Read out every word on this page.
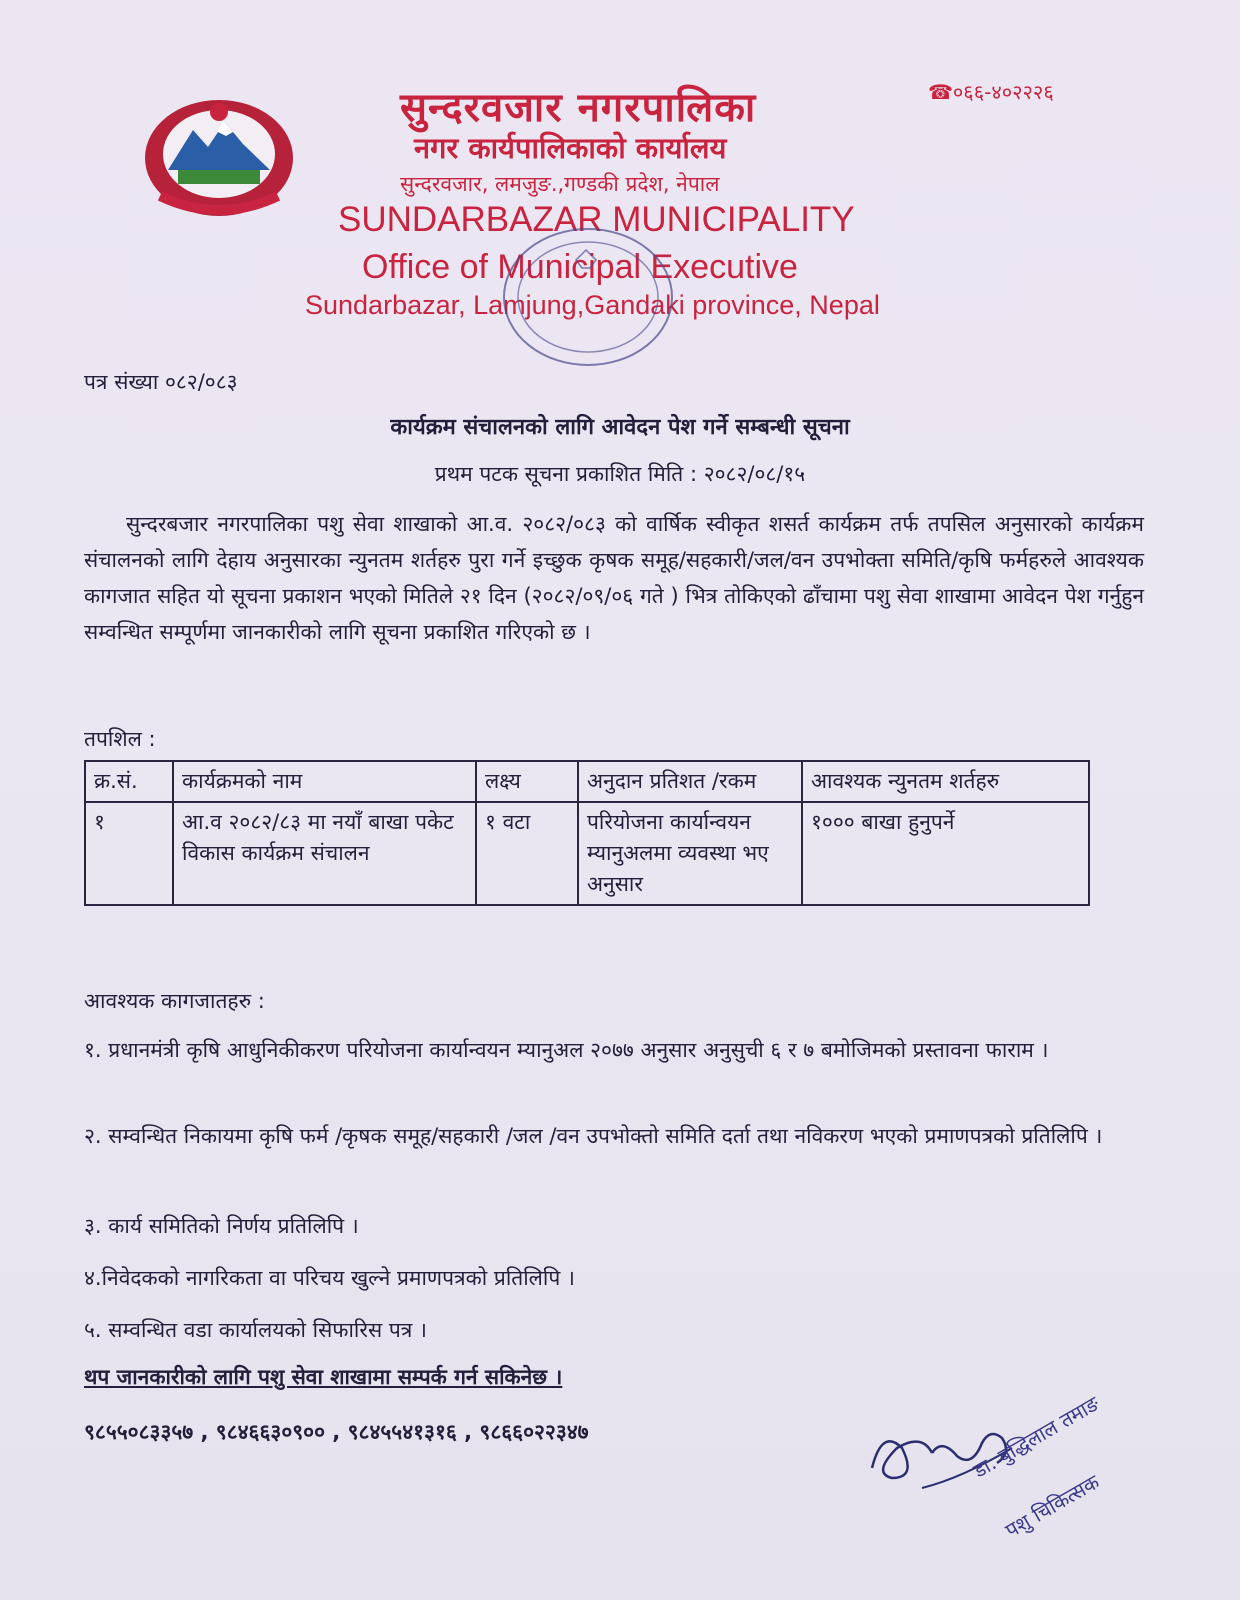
सुन्दरवजार नगरपालिका
नगर कार्यपालिकाको कार्यालय
सुन्दरवजार, लमजुङ.,गण्डकी प्रदेश, नेपाल
SUNDARBAZAR MUNICIPALITY
Office of Municipal Executive
Sundarbazar, Lamjung,Gandaki province, Nepal
☎०६६-४०२२२६
पत्र संख्या ०८२/०८३
कार्यक्रम संचालनको लागि आवेदन पेश गर्ने सम्बन्धी सूचना
प्रथम पटक सूचना प्रकाशित मिति : २०८२/०८/१५
सुन्दरबजार नगरपालिका पशु सेवा शाखाको आ.व. २०८२/०८३ को वार्षिक स्वीकृत शसर्त कार्यक्रम तर्फ तपसिल अनुसारको कार्यक्रम संचालनको लागि देहाय अनुसारका न्युनतम शर्तहरु पुरा गर्ने इच्छुक कृषक समूह/सहकारी/जल/वन उपभोक्ता समिति/कृषि फर्महरुले आवश्यक कागजात सहित यो सूचना प्रकाशन भएको मितिले २१ दिन (२०८२/०९/०६ गते ) भित्र तोकिएको ढाँचामा पशु सेवा शाखामा आवेदन पेश गर्नुहुन सम्वन्धित सम्पूर्णमा जानकारीको लागि सूचना प्रकाशित गरिएको छ ।
तपशिल :
क्र.सं.	कार्यक्रमको नाम	लक्ष्य	अनुदान प्रतिशत /रकम	आवश्यक न्युनतम शर्तहरु
१	आ.व २०८२/८३ मा नयाँ बाखा पकेट विकास कार्यक्रम संचालन	१ वटा	परियोजना कार्यान्वयन म्यानुअलमा व्यवस्था भए अनुसार	१००० बाखा हुनुपर्ने
आवश्यक कागजातहरु :
१. प्रधानमंत्री कृषि आधुनिकीकरण परियोजना कार्यान्वयन म्यानुअल २०७७ अनुसार अनुसुची ६ र ७ बमोजिमको प्रस्तावना फाराम ।
२. सम्वन्धित निकायमा कृषि फर्म /कृषक समूह/सहकारी /जल /वन उपभोक्तो समिति दर्ता तथा नविकरण भएको प्रमाणपत्रको प्रतिलिपि ।
३. कार्य समितिको निर्णय प्रतिलिपि ।
४.निवेदकको नागरिकता वा परिचय खुल्ने प्रमाणपत्रको प्रतिलिपि ।
५. सम्वन्धित वडा कार्यालयको सिफारिस पत्र ।
थप जानकारीको लागि पशु सेवा शाखामा सम्पर्क गर्न सकिनेछ ।
९८५५०८३३५७ , ९८४६६३०९०० , ९८४५५४१३१६ , ९८६६०२२३४७	डा. बुद्धिलाल तमाङ
पशु चिकित्सक
